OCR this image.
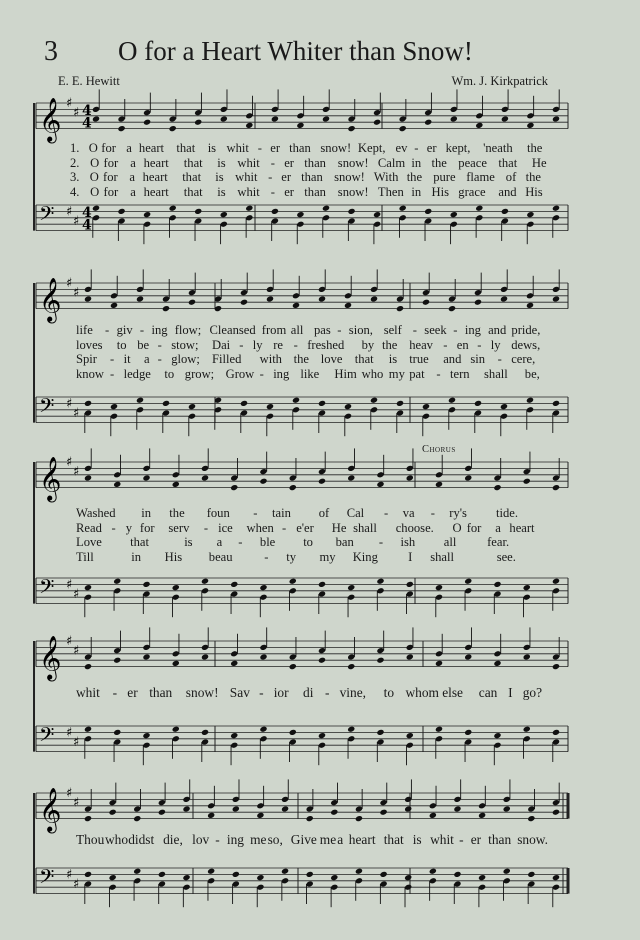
3 O for a Heart Whiter than Snow!
E. E. Hewitt	Wm. J. Kirkpatrick
𝄞 ♯
♯ 4
4
𝄢 ♯
♯
4
4
𝄞 ♯
♯
𝄢 ♯
♯
𝄞 ♯
♯
𝄢 ♯
♯
𝄞 ♯
♯
𝄢 ♯
♯
𝄞 ♯
♯
𝄢 ♯
♯
Chorus
1. O for a heart that is whit - er than snow! Kept, ev - er kept, 'neath the
2. O for a heart that is whit - er than snow! Calm in the peace that He
3. O for a heart that is whit - er than snow! With the pure flame of the
4. O for a heart that is whit - er than snow! Then in His grace and His
life - giv - ing flow; Cleansed from all pas - sion, self - seek - ing and pride,
loves to be - stow; Dai - ly re - freshed by the heav - en - ly dews,
Spir - it a - glow; Filled with the love that is true and sin - cere,
know - ledge to grow; Grow - ing like Him who my pat - tern shall be,
Washed in the foun - tain of Cal - va - ry's tide.
Read - y for serv - ice when - e'er He shall choose. O for a heart
Love that	is a - ble to ban - ish all fear.
Till	in His beau	- ty my King I shall	see.
whit - er than snow! Sav - ior di - vine, to whom else can I go?
Thou who didst die, lov - ing me so, Give me a heart that is whit - er than snow.
